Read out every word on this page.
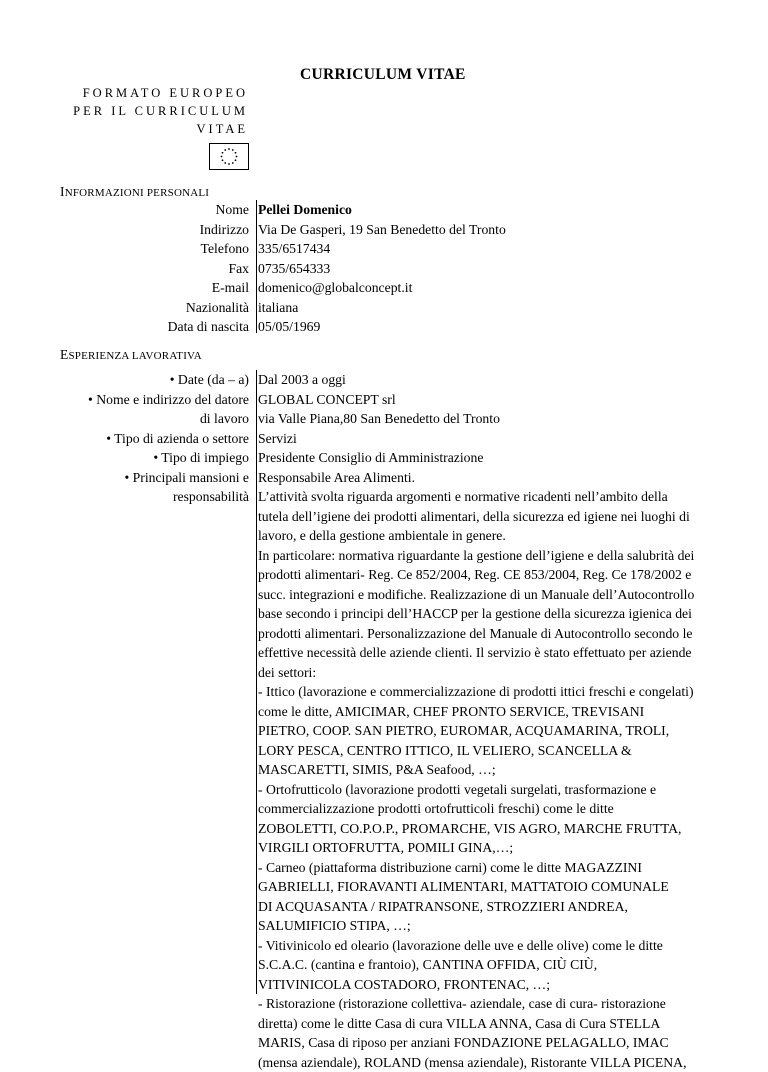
CURRICULUM VITAE
FORMATO EUROPEO
PER IL CURRICULUM
VITAE
INFORMAZIONI PERSONALI
Nome
Indirizzo
Telefono
Fax
E-mail
Nazionalità
Data di nascita
Pellei Domenico
Via De Gasperi, 19 San Benedetto del Tronto
335/6517434
0735/654333
domenico@globalconcept.it
italiana
05/05/1969
ESPERIENZA LAVORATIVA
• Date (da – a)
• Nome e indirizzo del datore
di lavoro
• Tipo di azienda o settore
• Tipo di impiego
• Principali mansioni e
responsabilità
Dal 2003 a oggi
GLOBAL CONCEPT srl
via Valle Piana,80 San Benedetto del Tronto
Servizi
Presidente Consiglio di Amministrazione
Responsabile Area Alimenti.
L’attività svolta riguarda argomenti e normative ricadenti nell’ambito della
tutela dell’igiene dei prodotti alimentari, della sicurezza ed igiene nei luoghi di
lavoro, e della gestione ambientale in genere.
In particolare: normativa riguardante la gestione dell’igiene e della salubrità dei
prodotti alimentari- Reg. Ce 852/2004, Reg. CE 853/2004, Reg. Ce 178/2002 e
succ. integrazioni e modifiche. Realizzazione di un Manuale dell’Autocontrollo
base secondo i principi dell’HACCP per la gestione della sicurezza igienica dei
prodotti alimentari. Personalizzazione del Manuale di Autocontrollo secondo le
effettive necessità delle aziende clienti. Il servizio è stato effettuato per aziende
dei settori:
- Ittico (lavorazione e commercializzazione di prodotti ittici freschi e congelati)
come le ditte, AMICIMAR, CHEF PRONTO SERVICE, TREVISANI
PIETRO, COOP. SAN PIETRO, EUROMAR, ACQUAMARINA, TROLI,
LORY PESCA, CENTRO ITTICO, IL VELIERO, SCANCELLA &
MASCARETTI, SIMIS, P&A Seafood, …;
- Ortofrutticolo (lavorazione prodotti vegetali surgelati, trasformazione e
commercializzazione prodotti ortofrutticoli freschi) come le ditte
ZOBOLETTI, CO.P.O.P., PROMARCHE, VIS AGRO, MARCHE FRUTTA,
VIRGILI ORTOFRUTTA, POMILI GINA,…;
- Carneo (piattaforma distribuzione carni) come le ditte MAGAZZINI
GABRIELLI, FIORAVANTI ALIMENTARI, MATTATOIO COMUNALE
DI ACQUASANTA / RIPATRANSONE, STROZZIERI ANDREA,
SALUMIFICIO STIPA, …;
- Vitivinicolo ed oleario (lavorazione delle uve e delle olive) come le ditte
S.C.A.C. (cantina e frantoio), CANTINA OFFIDA, CIÙ CIÙ,
VITIVINICOLA COSTADORO, FRONTENAC, …;
- Ristorazione (ristorazione collettiva- aziendale, case di cura- ristorazione
diretta) come le ditte Casa di cura VILLA ANNA, Casa di Cura STELLA
MARIS, Casa di riposo per anziani FONDAZIONE PELAGALLO, IMAC
(mensa aziendale), ROLAND (mensa aziendale), Ristorante VILLA PICENA,
